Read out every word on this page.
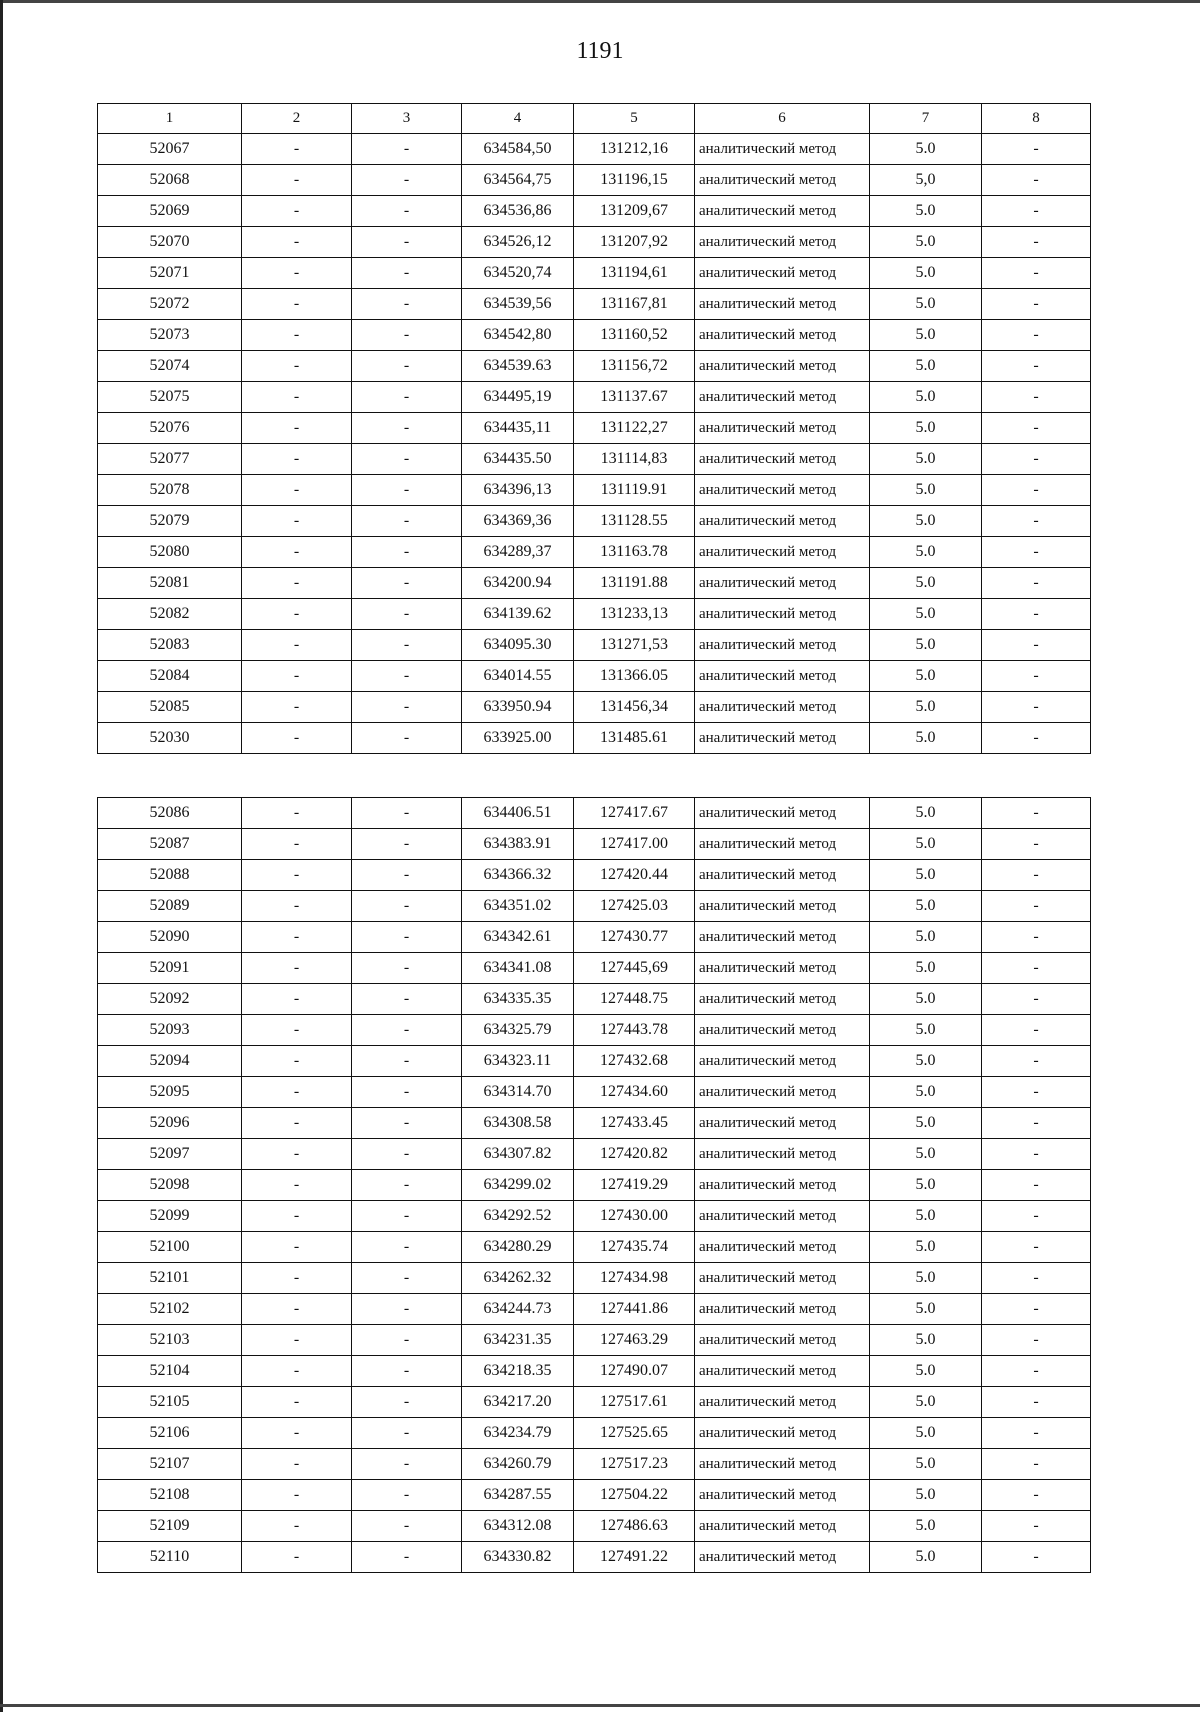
1191
1	2	3	4	5	6	7	8
52067	-	-	634584,50	131212,16	аналитический метод	5.0	-
52068	-	-	634564,75	131196,15	аналитический метод	5,0	-
52069	-	-	634536,86	131209,67	аналитический метод	5.0	-
52070	-	-	634526,12	131207,92	аналитический метод	5.0	-
52071	-	-	634520,74	131194,61	аналитический метод	5.0	-
52072	-	-	634539,56	131167,81	аналитический метод	5.0	-
52073	-	-	634542,80	131160,52	аналитический метод	5.0	-
52074	-	-	634539.63	131156,72	аналитический метод	5.0	-
52075	-	-	634495,19	131137.67	аналитический метод	5.0	-
52076	-	-	634435,11	131122,27	аналитический метод	5.0	-
52077	-	-	634435.50	131114,83	аналитический метод	5.0	-
52078	-	-	634396,13	131119.91	аналитический метод	5.0	-
52079	-	-	634369,36	131128.55	аналитический метод	5.0	-
52080	-	-	634289,37	131163.78	аналитический метод	5.0	-
52081	-	-	634200.94	131191.88	аналитический метод	5.0	-
52082	-	-	634139.62	131233,13	аналитический метод	5.0	-
52083	-	-	634095.30	131271,53	аналитический метод	5.0	-
52084	-	-	634014.55	131366.05	аналитический метод	5.0	-
52085	-	-	633950.94	131456,34	аналитический метод	5.0	-
52030	-	-	633925.00	131485.61	аналитический метод	5.0	-
52086	-	-	634406.51	127417.67	аналитический метод	5.0	-
52087	-	-	634383.91	127417.00	аналитический метод	5.0	-
52088	-	-	634366.32	127420.44	аналитический метод	5.0	-
52089	-	-	634351.02	127425.03	аналитический метод	5.0	-
52090	-	-	634342.61	127430.77	аналитический метод	5.0	-
52091	-	-	634341.08	127445,69	аналитический метод	5.0	-
52092	-	-	634335.35	127448.75	аналитический метод	5.0	-
52093	-	-	634325.79	127443.78	аналитический метод	5.0	-
52094	-	-	634323.11	127432.68	аналитический метод	5.0	-
52095	-	-	634314.70	127434.60	аналитический метод	5.0	-
52096	-	-	634308.58	127433.45	аналитический метод	5.0	-
52097	-	-	634307.82	127420.82	аналитический метод	5.0	-
52098	-	-	634299.02	127419.29	аналитический метод	5.0	-
52099	-	-	634292.52	127430.00	аналитический метод	5.0	-
52100	-	-	634280.29	127435.74	аналитический метод	5.0	-
52101	-	-	634262.32	127434.98	аналитический метод	5.0	-
52102	-	-	634244.73	127441.86	аналитический метод	5.0	-
52103	-	-	634231.35	127463.29	аналитический метод	5.0	-
52104	-	-	634218.35	127490.07	аналитический метод	5.0	-
52105	-	-	634217.20	127517.61	аналитический метод	5.0	-
52106	-	-	634234.79	127525.65	аналитический метод	5.0	-
52107	-	-	634260.79	127517.23	аналитический метод	5.0	-
52108	-	-	634287.55	127504.22	аналитический метод	5.0	-
52109	-	-	634312.08	127486.63	аналитический метод	5.0	-
52110	-	-	634330.82	127491.22	аналитический метод	5.0	-
